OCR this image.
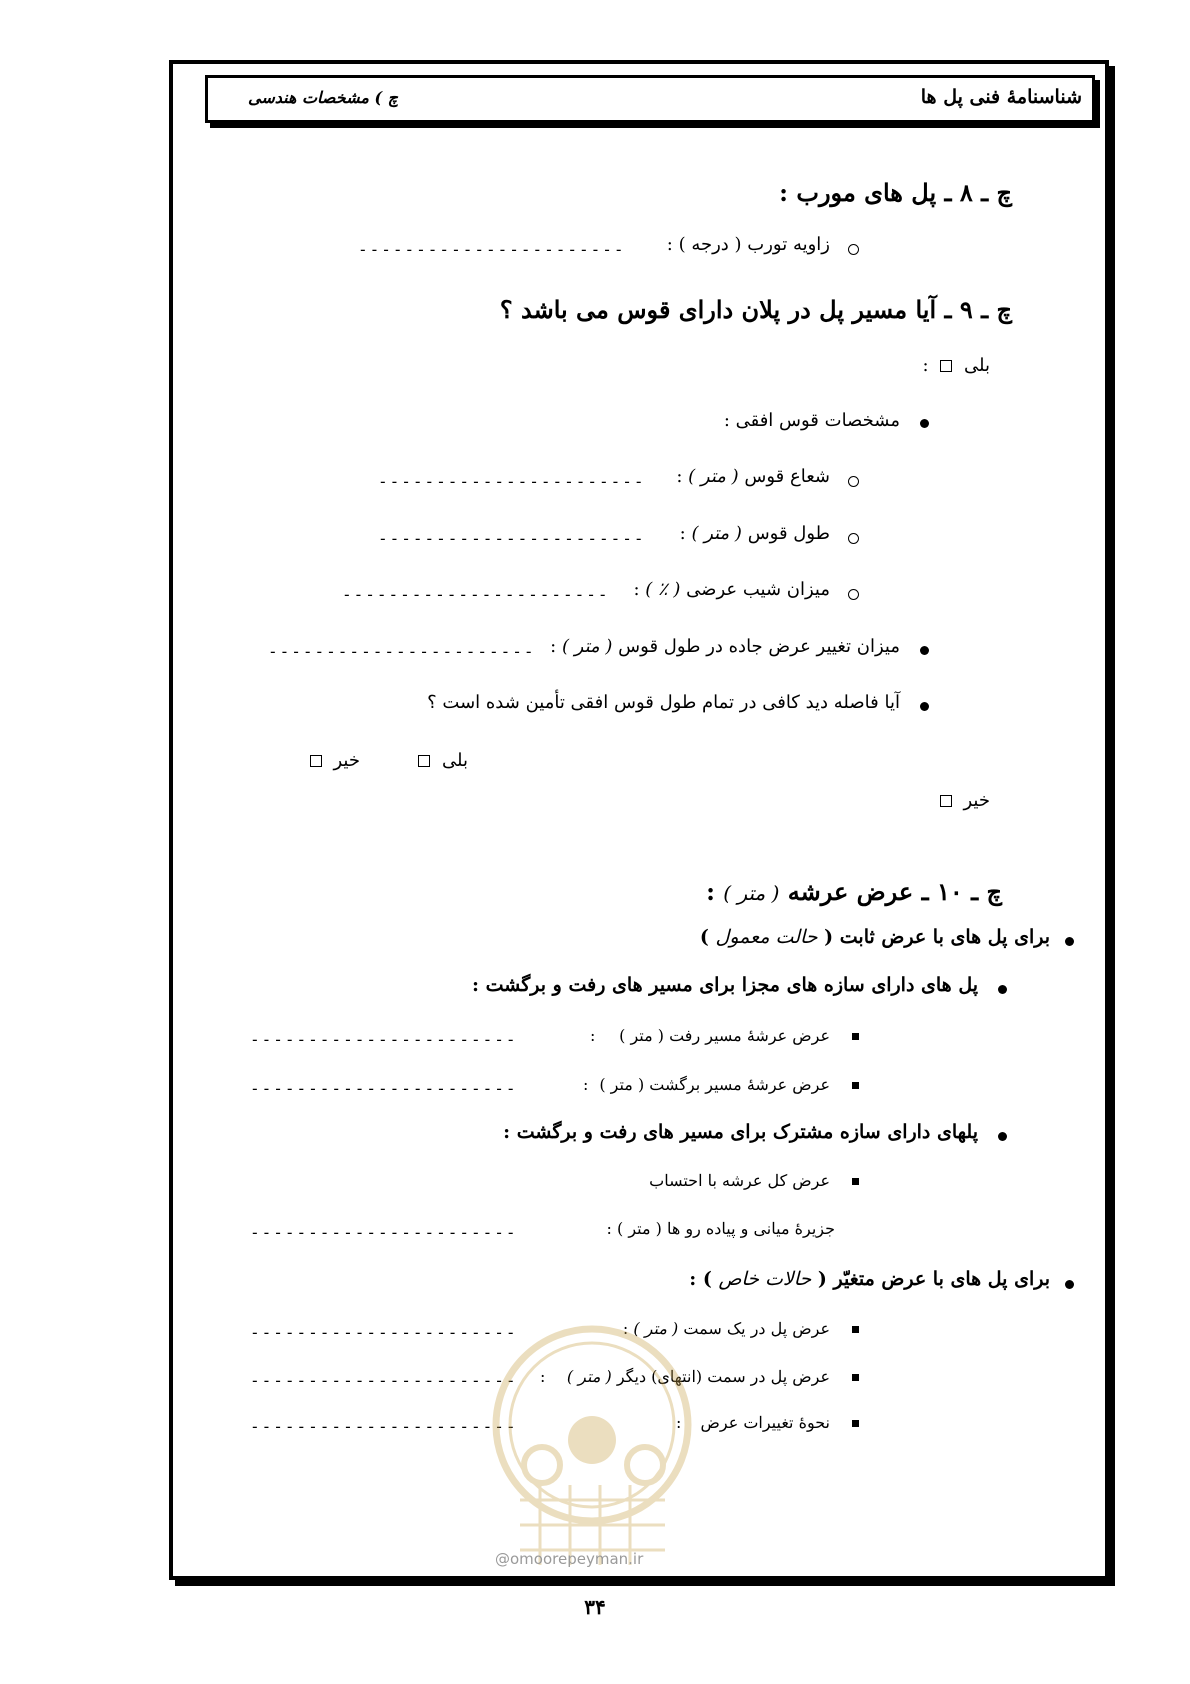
شناسنامۀ فنی پل ها
چ ) مشخصات هندسی
چ ـ ۸ ـ پل های مورب :
زاویه تورب ( درجه ) :
-----------------------
چ ـ ۹ ـ آیا مسیر پل در پلان دارای قوس می باشد ؟
بلی  :
مشخصات قوس افقی :
شعاع قوس ( متر ) :
-----------------------
طول قوس ( متر ) :
-----------------------
میزان شیب عرضی ( ٪ ) :
-----------------------
میزان تغییر عرض جاده در طول قوس ( متر ) :
-----------------------
آیا فاصله دید کافی در تمام طول قوس افقی تأمین شده است ؟
بلی
خیر
خیر
چ ـ ۱۰ ـ عرض عرشه ( متر ) :
برای پل های با عرض ثابت ( حالت معمول )
پل های دارای سازه های مجزا برای مسیر های رفت و برگشت :
عرض عرشۀ مسیر رفت ( متر )
:
-----------------------
عرض عرشۀ مسیر برگشت ( متر )
:
-----------------------
پلهای دارای سازه مشترک برای مسیر های رفت و برگشت :
عرض کل عرشه با احتساب
جزیرۀ میانی و پیاده رو ها ( متر ) :
-----------------------
برای پل های با عرض متغیّر ( حالات خاص ) :
عرض پل در یک سمت ( متر ) :
-----------------------
عرض پل در سمت (انتهای) دیگر ( متر )
:
-----------------------
نحوۀ تغییرات عرض
:
-----------------------
@omoorepeyman.ir
۳۴
